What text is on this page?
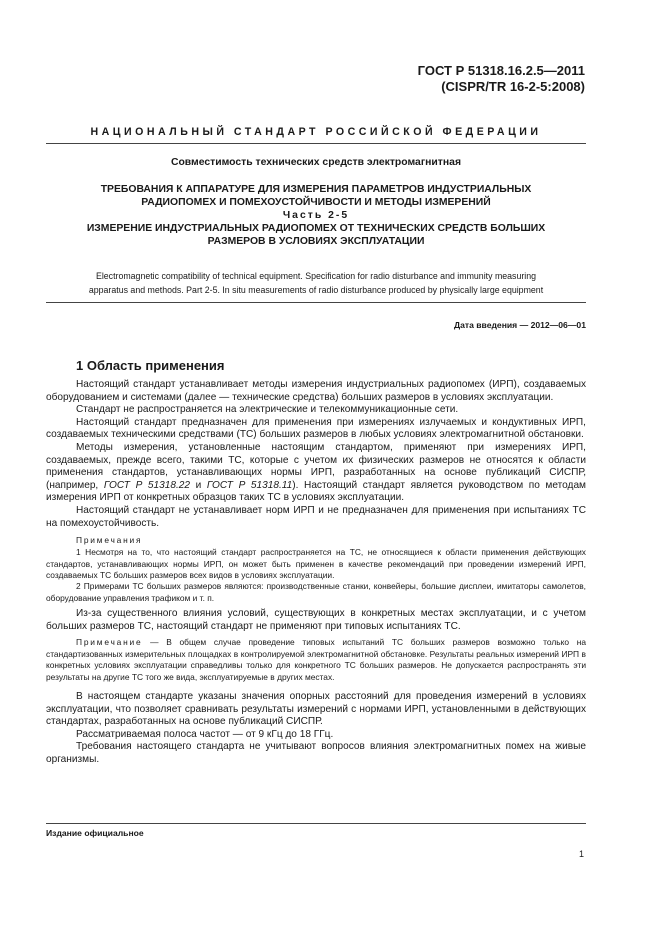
ГОСТ Р 51318.16.2.5—2011
(CISPR/TR 16-2-5:2008)
НАЦИОНАЛЬНЫЙ СТАНДАРТ РОССИЙСКОЙ ФЕДЕРАЦИИ
Совместимость технических средств электромагнитная
ТРЕБОВАНИЯ К АППАРАТУРЕ ДЛЯ ИЗМЕРЕНИЯ ПАРАМЕТРОВ ИНДУСТРИАЛЬНЫХ
РАДИОПОМЕХ И ПОМЕХОУСТОЙЧИВОСТИ И МЕТОДЫ ИЗМЕРЕНИЙ
Часть 2-5
ИЗМЕРЕНИЕ ИНДУСТРИАЛЬНЫХ РАДИОПОМЕХ ОТ ТЕХНИЧЕСКИХ СРЕДСТВ БОЛЬШИХ
РАЗМЕРОВ В УСЛОВИЯХ ЭКСПЛУАТАЦИИ
Electromagnetic compatibility of technical equipment. Specification for radio disturbance and immunity measuring
apparatus and methods. Part 2-5. In situ measurements of radio disturbance produced by physically large equipment
Дата введения — 2012—06—01
1 Область применения

Настоящий стандарт устанавливает методы измерения индустриальных радиопомех (ИРП), создаваемых оборудованием и системами (далее — технические средства) больших размеров в условиях эксплуатации.

Стандарт не распространяется на электрические и телекоммуникационные сети.

Настоящий стандарт предназначен для применения при измерениях излучаемых и кондуктивных ИРП, создаваемых техническими средствами (ТС) больших размеров в любых условиях электромагнитной обстановки.

Методы измерения, установленные настоящим стандартом, применяют при измерениях ИРП, создаваемых, прежде всего, такими ТС, которые с учетом их физических размеров не относятся к области применения стандартов, устанавливающих нормы ИРП, разработанных на основе публикаций СИСПР, (например, ГОСТ Р 51318.22 и ГОСТ Р 51318.11). Настоящий стандарт является руководством по методам измерения ИРП от конкретных образцов таких ТС в условиях эксплуатации.

Настоящий стандарт не устанавливает норм ИРП и не предназначен для применения при испытаниях ТС на помехоустойчивость.

Примечания

1 Несмотря на то, что настоящий стандарт распространяется на ТС, не относящиеся к области применения действующих стандартов, устанавливающих нормы ИРП, он может быть применен в качестве рекомендаций при проведении измерений ИРП, создаваемых ТС больших размеров всех видов в условиях эксплуатации.

2 Примерами ТС больших размеров являются: производственные станки, конвейеры, большие дисплеи, имитаторы самолетов, оборудование управления трафиком и т. п.

Из-за существенного влияния условий, существующих в конкретных местах эксплуатации, и с учетом больших размеров ТС, настоящий стандарт не применяют при типовых испытаниях ТС.

Примечание — В общем случае проведение типовых испытаний ТС больших размеров возможно только на стандартизованных измерительных площадках в контролируемой электромагнитной обстановке. Результаты реальных измерений ИРП в конкретных условиях эксплуатации справедливы только для конкретного ТС больших размеров. Не допускается распространять эти результаты на другие ТС того же вида, эксплуатируемые в других местах.

В настоящем стандарте указаны значения опорных расстояний для проведения измерений в условиях эксплуатации, что позволяет сравнивать результаты измерений с нормами ИРП, установленными в действующих стандартах, разработанных на основе публикаций СИСПР.

Рассматриваемая полоса частот — от 9 кГц до 18 ГГц.

Требования настоящего стандарта не учитывают вопросов влияния электромагнитных помех на живые организмы.

Издание официальное
1
